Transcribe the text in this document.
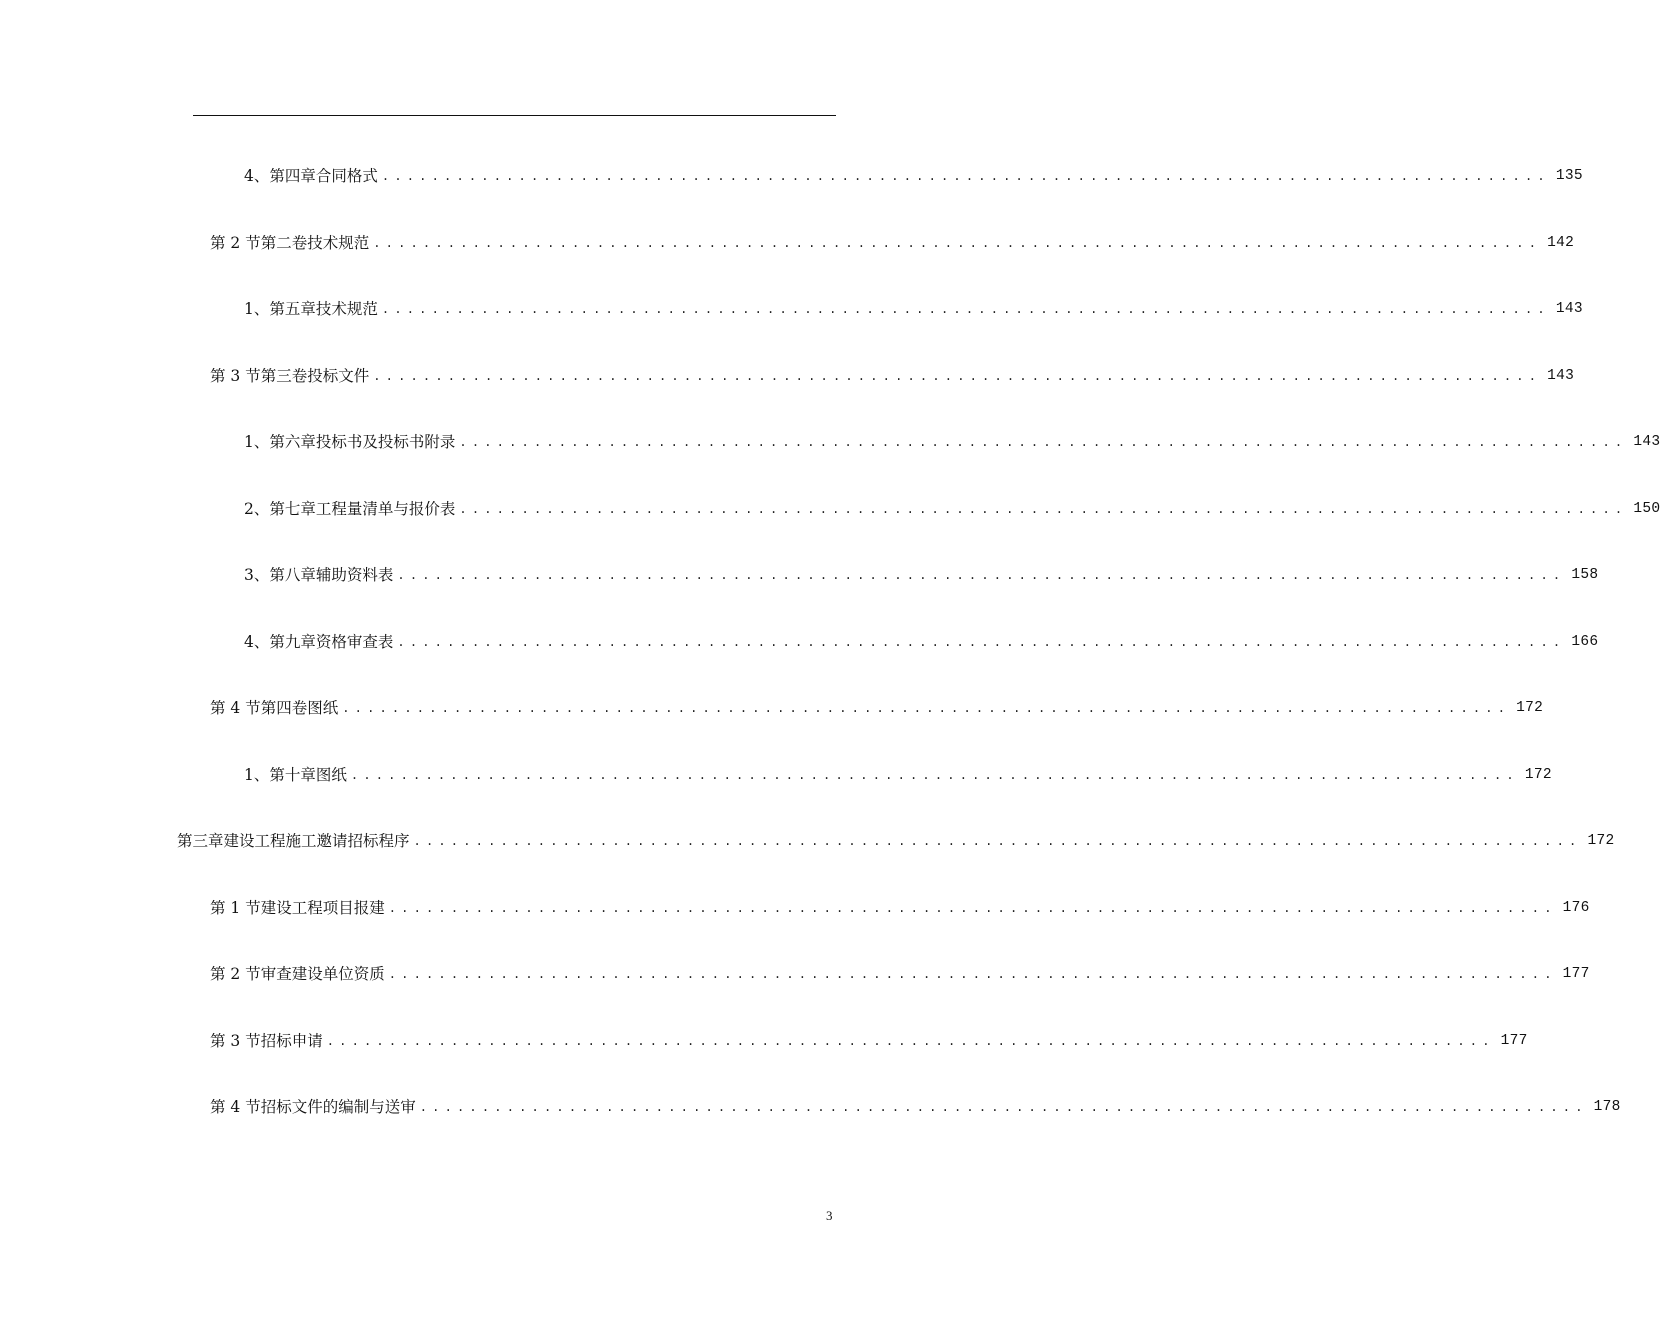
4、 第四章合同格式 .............................................................................................. 135
第 2 节 第二卷技术规范 .............................................................................................. 142
1、 第五章技术规范 .............................................................................................. 143
第 3 节 第三卷投标文件 .............................................................................................. 143
1、 第六章投标书及投标书附录 .............................................................................................. 143
2、 第七章工程量清单与报价表 .............................................................................................. 150
3、 第八章辅助资料表 .............................................................................................. 158
4、 第九章资格审查表 .............................................................................................. 166
第 4 节 第四卷图纸 .............................................................................................. 172
1、 第十章图纸 .............................................................................................. 172
第三章 建设工程施工邀请招标程序 .............................................................................................. 172
第 1 节 建设工程项目报建 .............................................................................................. 176
第 2 节 审查建设单位资质 .............................................................................................. 177
第 3 节 招标申请 .............................................................................................. 177
第 4 节 招标文件的编制与送审 .............................................................................................. 178
3
